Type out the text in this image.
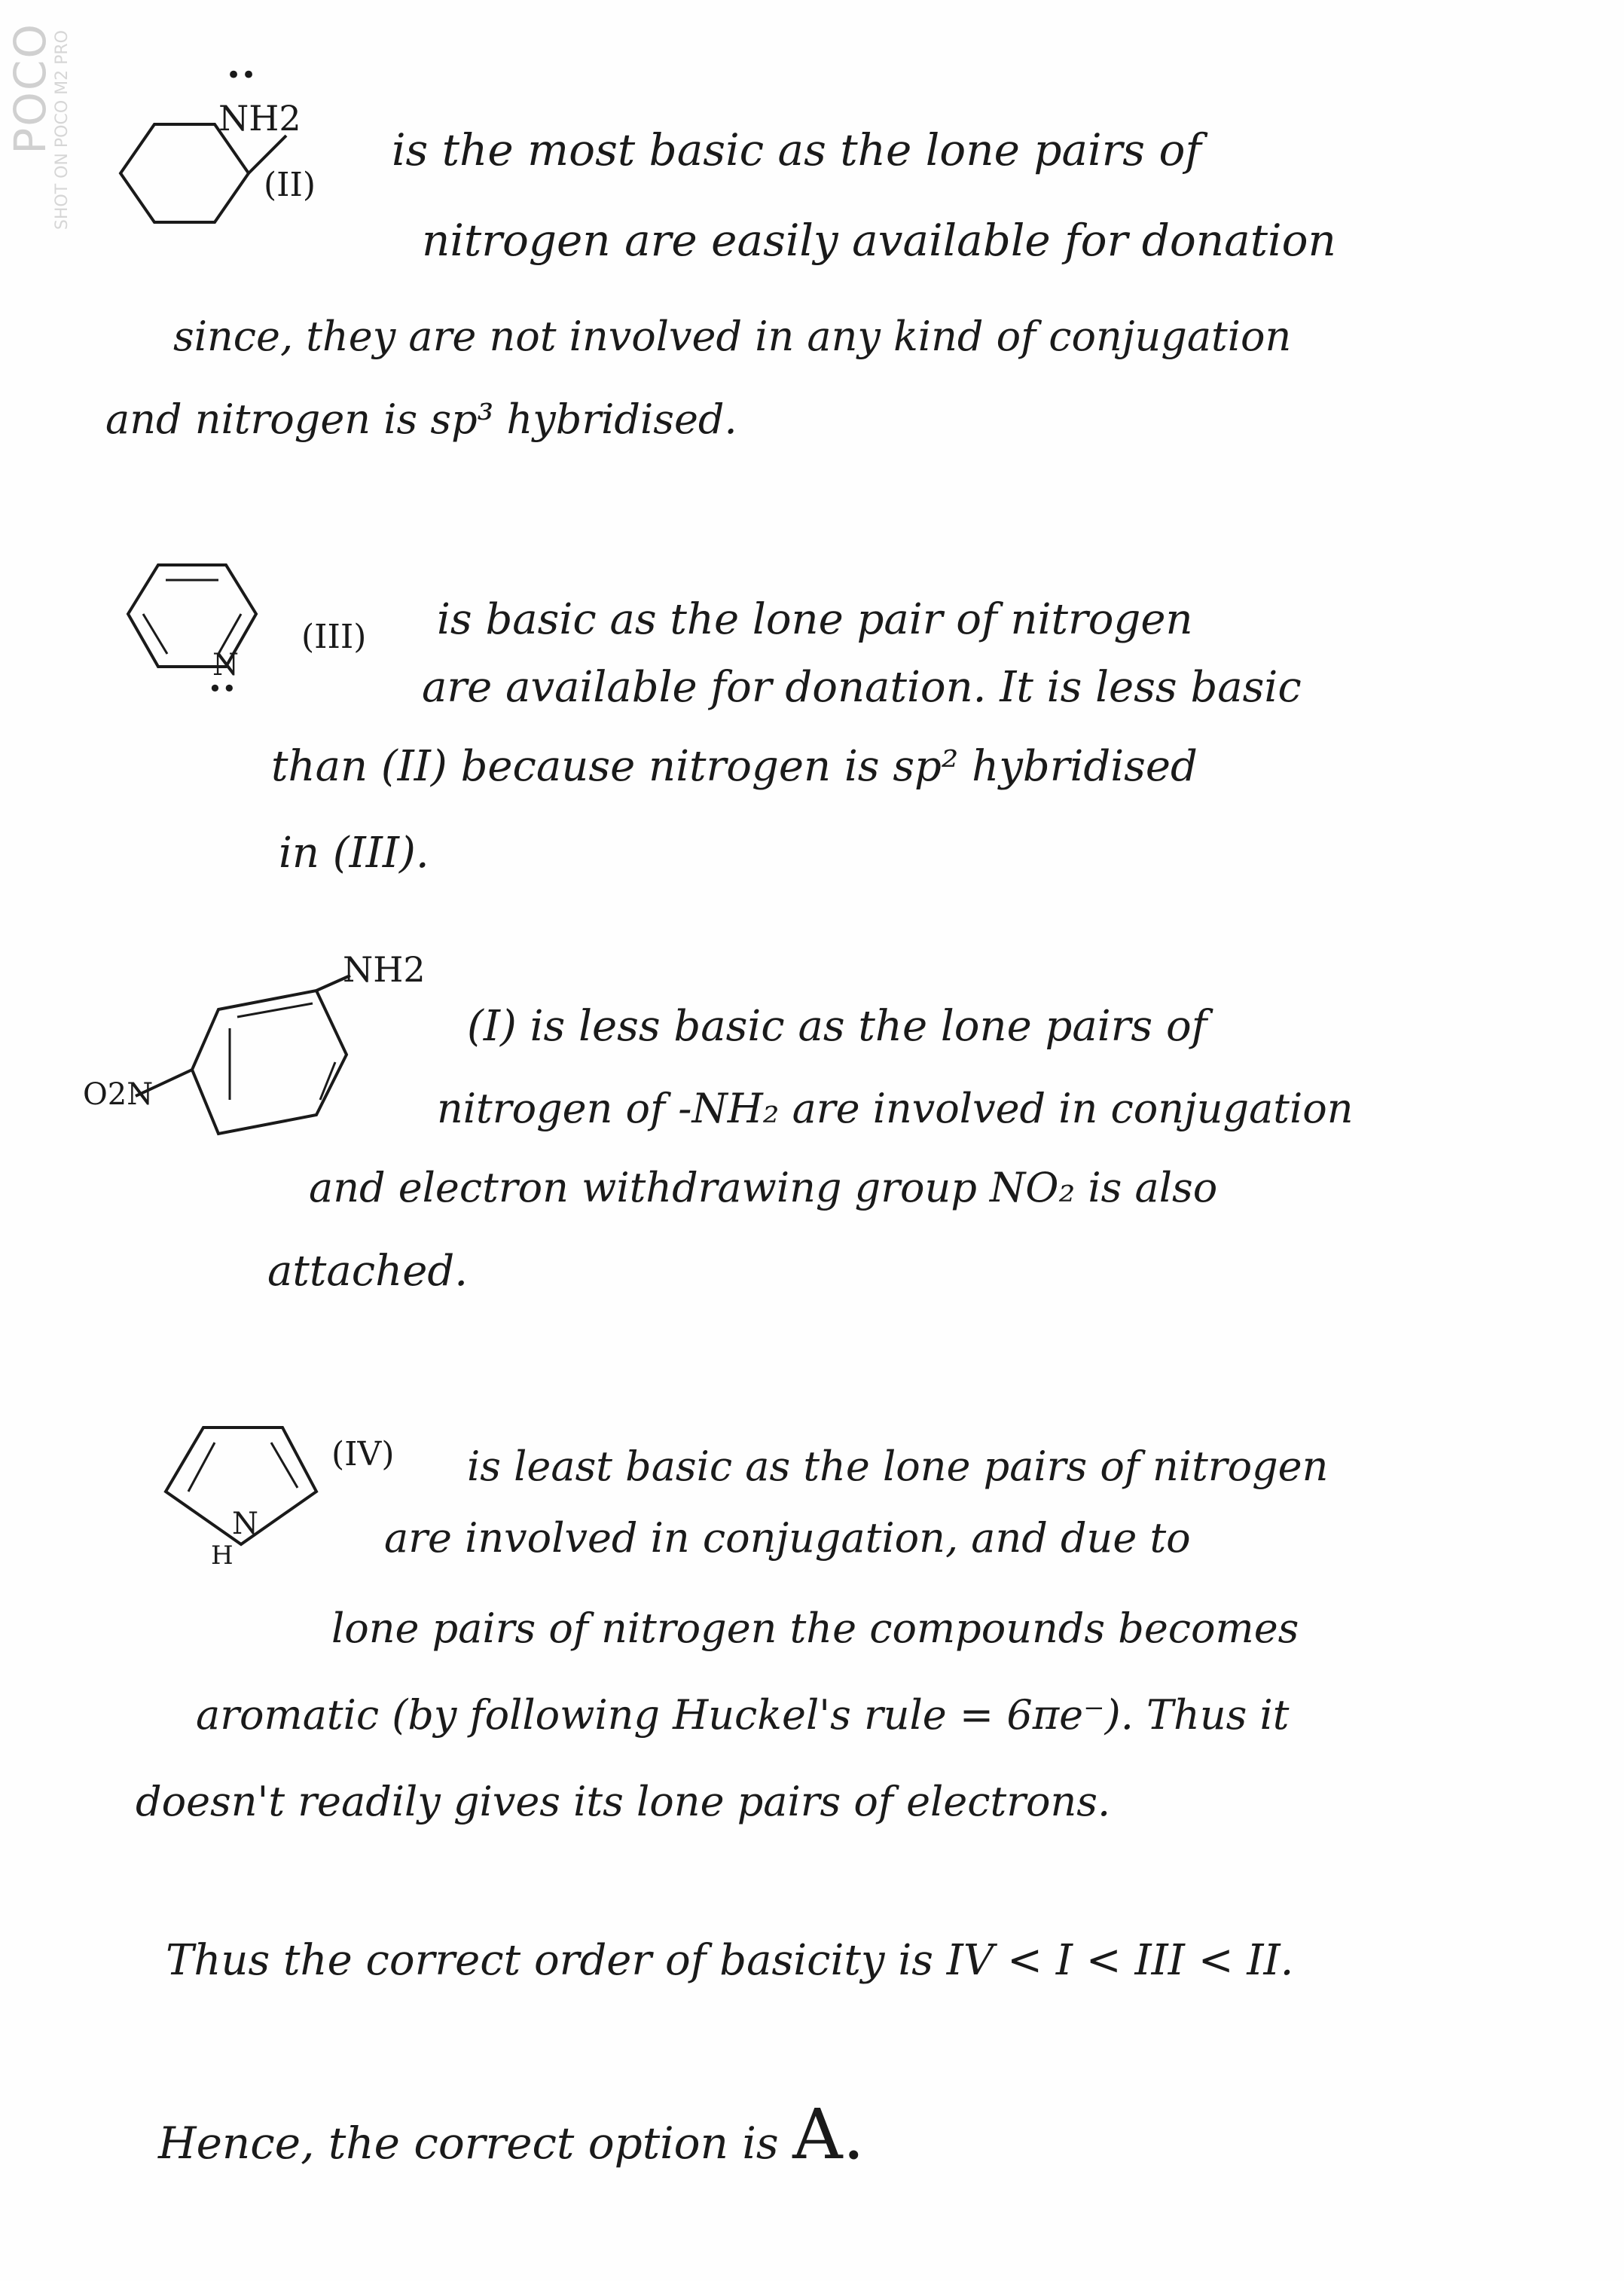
POCO
SHOT ON POCO M2 PRO	••
NH2
(II)
is the most basic as the lone pairs of
nitrogen are easily available for donation
since, they are not involved in any kind of conjugation
and nitrogen is sp³ hybridised.
N
••
(III) is basic as the lone pair of nitrogen
are available for donation. It is less basic
than (II) because nitrogen is sp² hybridised
in (III).
NH2
O2N
(I) is less basic as the lone pairs of
nitrogen of -NH₂ are involved in conjugation
and electron withdrawing group NO₂ is also
attached.
N
H
(IV) is least basic as the lone pairs of nitrogen
are involved in conjugation, and due to
lone pairs of nitrogen the compounds becomes
aromatic (by following Huckel's rule = 6πe⁻). Thus it
doesn't readily gives its lone pairs of electrons.
Thus the correct order of basicity is IV < I < III < II.
Hence, the correct option is A.
